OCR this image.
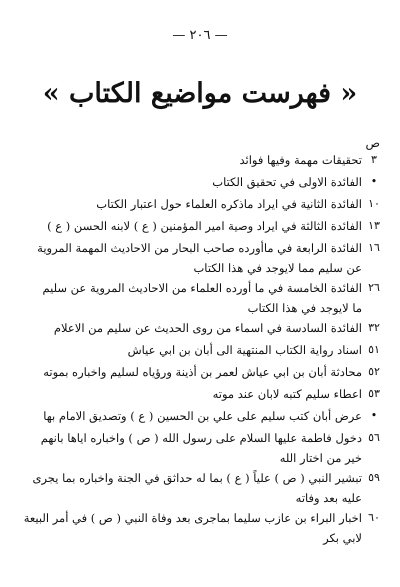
— ٢٠٦ —
« فهرست مواضيع الكتاب »
ص
٣
تحقيقات مهمة وفيها فوائد
•
الفائدة الاولى في تحقيق الكتاب
١٠
الفائدة الثانية في ايراد ماذكره العلماء حول اعتبار الكتاب
١٣
الفائدة الثالثة في ايراد وصية امير المؤمنين ( ع ) لابنه الحسن ( ع )
١٦
الفائدة الرابعة في ماأورده صاحب البحار من الاحاديث المهمة المروية
عن سليم مما لايوجد في هذا الكتاب
٢٦
الفائدة الخامسة في ما أورده العلماء من الاحاديث المروية عن سليم
ما لايوجد في هذا الكتاب
٣٢
الفائدة السادسة في اسماء من روى الحديث عن سليم من الاعلام
٥١
اسناد رواية الكتاب المنتهية الى أبان بن ابي عياش
٥٢
محادثة أبان بن ابي عياش لعمر بن أذينة ورؤياه لسليم واخباره بموته
٥٣
اعطاء سليم كتبه لابان عند موته
•
عرض أبان كتب سليم على علي بن الحسين ( ع ) وتصديق الامام بها
٥٦
دخول فاطمة عليها السلام على رسول الله ( ص ) واخباره اياها بانهم
خير من اختار الله
٥٩
تبشير النبي ( ص ) علياً ( ع ) بما له حداثق في الجنة واخباره بما يجرى
عليه بعد وفاته
٦٠
اخبار البراء بن عازب سليما بماجرى بعد وفاة النبي ( ص ) في أمر البيعة
لابي بكر
